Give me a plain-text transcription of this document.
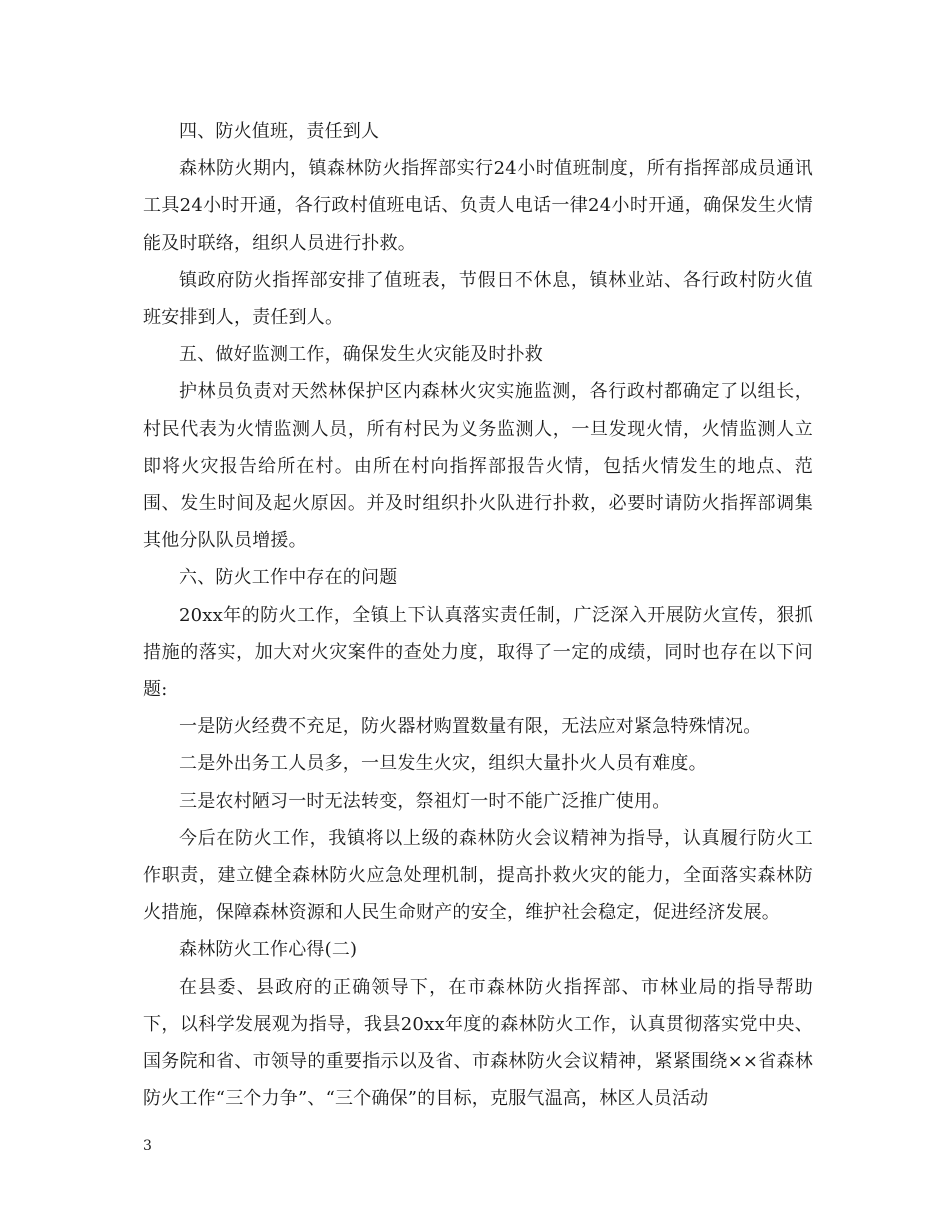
四、防火值班，责任到人

森林防火期内，镇森林防火指挥部实行24小时值班制度，所有指挥部成员通讯工具24小时开通，各行政村值班电话、负责人电话一律24小时开通，确保发生火情能及时联络，组织人员进行扑救。

镇政府防火指挥部安排了值班表，节假日不休息，镇林业站、各行政村防火值班安排到人，责任到人。

五、做好监测工作，确保发生火灾能及时扑救

护林员负责对天然林保护区内森林火灾实施监测，各行政村都确定了以组长，村民代表为火情监测人员，所有村民为义务监测人，一旦发现火情，火情监测人立即将火灾报告给所在村。由所在村向指挥部报告火情，包括火情发生的地点、范围、发生时间及起火原因。并及时组织扑火队进行扑救，必要时请防火指挥部调集其他分队队员增援。

六、防火工作中存在的问题

20xx年的防火工作，全镇上下认真落实责任制，广泛深入开展防火宣传，狠抓措施的落实，加大对火灾案件的查处力度，取得了一定的成绩，同时也存在以下问题:

一是防火经费不充足，防火器材购置数量有限，无法应对紧急特殊情况。

二是外出务工人员多，一旦发生火灾，组织大量扑火人员有难度。

三是农村陋习一时无法转变，祭祖灯一时不能广泛推广使用。

今后在防火工作，我镇将以上级的森林防火会议精神为指导，认真履行防火工作职责，建立健全森林防火应急处理机制，提高扑救火灾的能力，全面落实森林防火措施，保障森林资源和人民生命财产的安全，维护社会稳定，促进经济发展。

森林防火工作心得(二)

在县委、县政府的正确领导下，在市森林防火指挥部、市林业局的指导帮助下，以科学发展观为指导，我县20xx年度的森林防火工作，认真贯彻落实党中央、国务院和省、市领导的重要指示以及省、市森林防火会议精神，紧紧围绕××省森林防火工作“三个力争”、“三个确保”的目标，克服气温高，林区人员活动

3
